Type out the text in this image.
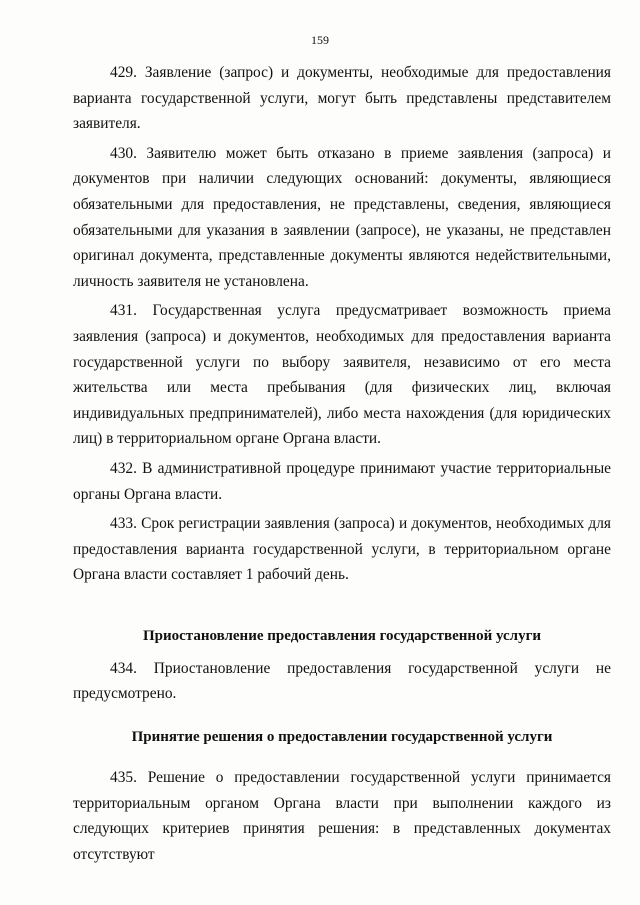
159

429. Заявление (запрос) и документы, необходимые для предоставления варианта государственной услуги, могут быть представлены представителем заявителя.

430. Заявителю может быть отказано в приеме заявления (запроса) и документов при наличии следующих оснований: документы, являющиеся обязательными для предоставления, не представлены, сведения, являющиеся обязательными для указания в заявлении (запросе), не указаны, не представлен оригинал документа, представленные документы являются недействительными, личность заявителя не установлена.

431. Государственная услуга предусматривает возможность приема заявления (запроса) и документов, необходимых для предоставления варианта государственной услуги по выбору заявителя, независимо от его места жительства или места пребывания (для физических лиц, включая индивидуальных предпринимателей), либо места нахождения (для юридических лиц) в территориальном органе Органа власти.

432. В административной процедуре принимают участие территориальные органы Органа власти.

433. Срок регистрации заявления (запроса) и документов, необходимых для предоставления варианта государственной услуги, в территориальном органе Органа власти составляет 1 рабочий день.

Приостановление предоставления государственной услуги

434. Приостановление предоставления государственной услуги не предусмотрено.

Принятие решения о предоставлении государственной услуги

435. Решение о предоставлении государственной услуги принимается территориальным органом Органа власти при выполнении каждого из следующих критериев принятия решения: в представленных документах отсутствуют
